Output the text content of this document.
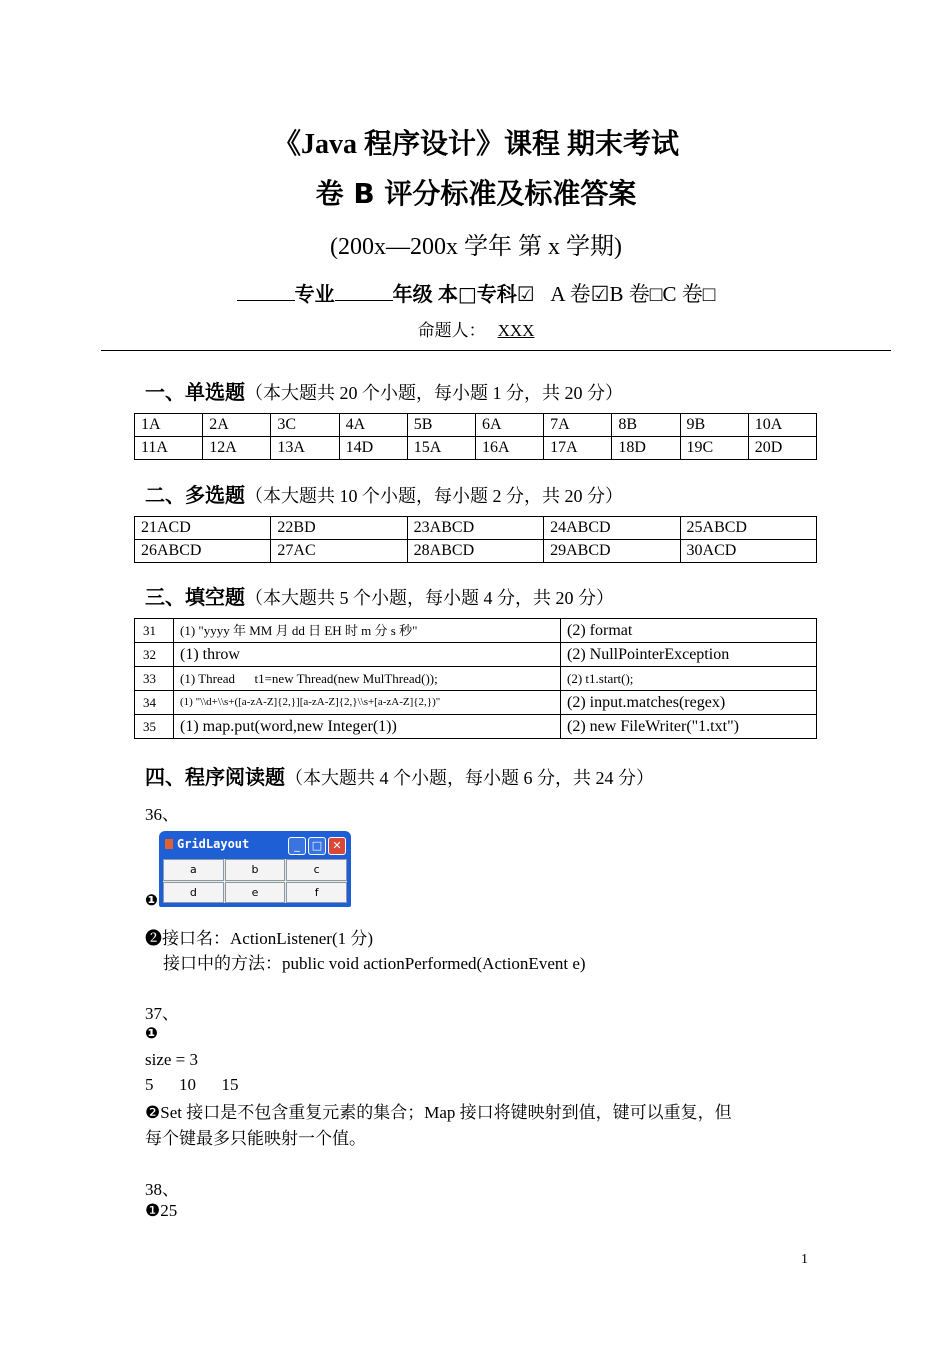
《Java 程序设计》课程 期末考试
卷 B 评分标准及标准答案
(200x—200x 学年 第 x 学期)
专业	年级 本□专科☑ A 卷☑B 卷□C 卷□
命题人： XXX
一、单选题（本大题共 20 个小题，每小题 1 分，共 20 分）
1A	2A	3C	4A	5B	6A	7A	8B	9B	10A
11A	12A	13A	14D	15A	16A	17A	18D	19C	20D
二、多选题（本大题共 10 个小题，每小题 2 分，共 20 分）
21ACD	22BD	23ABCD	24ABCD	25ABCD
26ABCD	27AC	28ABCD	29ABCD	30ACD
三、填空题（本大题共 5 个小题，每小题 4 分，共 20 分）
31	(1) "yyyy 年 MM 月 dd 日 EH 时 m 分 s 秒"	(2) format
32	(1) throw	(2) NullPointerException
33	(1) Thread      t1=new Thread(new MulThread());	(2) t1.start();
34	(1) "\\d+\\s+([a-zA-Z]{2,}][a-zA-Z]{2,}\\s+[a-zA-Z]{2,})"	(2) input.matches(regex)
35	(1) map.put(word,new Integer(1))	(2) new FileWriter("1.txt")
四、程序阅读题（本大题共 4 个小题，每小题 6 分，共 24 分）
36、
GridLayout	_ □ ✕
a	b	c
d	e	f
❶
❷接口名：ActionListener(1 分)
接口中的方法：public void actionPerformed(ActionEvent e)
37、
❶
size = 3
5      10      15
❷Set 接口是不包含重复元素的集合；Map 接口将键映射到值，键可以重复，但
每个键最多只能映射一个值。
38、
❶25
1
